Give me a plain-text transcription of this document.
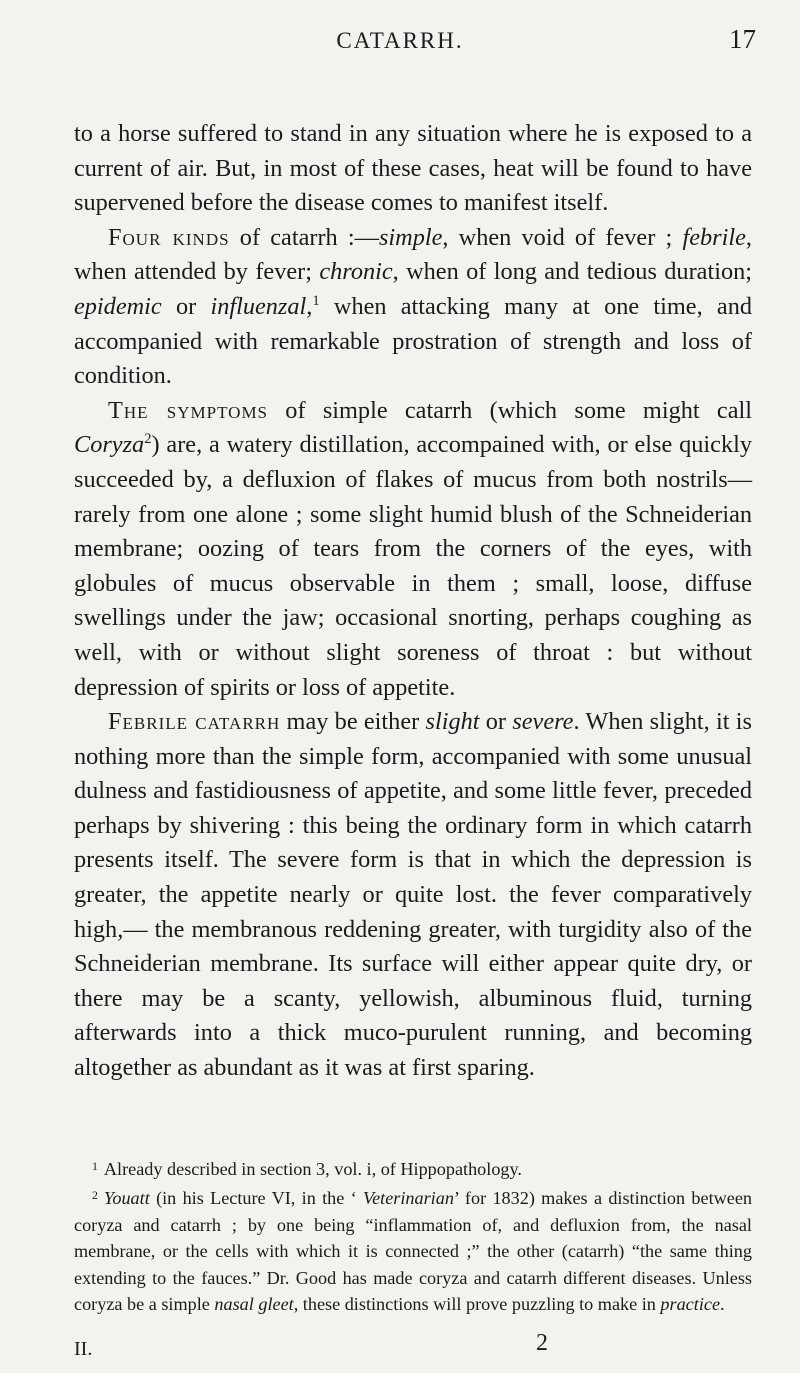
CATARRH.	17

to a horse suffered to stand in any situation where he is exposed to a current of air. But, in most of these cases, heat will be found to have supervened before the disease comes to manifest itself.

Four kinds of catarrh :—simple, when void of fever ; febrile, when attended by fever; chronic, when of long and tedious duration; epidemic or influenzal,$^1$ when attacking many at one time, and accompanied with remarkable prostration of strength and loss of condition.

The symptoms of simple catarrh (which some might call Coryza$^2$) are, a watery distillation, accompained with, or else quickly succeeded by, a defluxion of flakes of mucus from both nostrils—rarely from one alone ; some slight humid blush of the Schneiderian membrane; oozing of tears from the corners of the eyes, with globules of mucus observable in them ; small, loose, diffuse swellings under the jaw; occasional snorting, perhaps coughing as well, with or without slight soreness of throat : but without depression of spirits or loss of appetite.

Febrile catarrh may be either slight or severe. When slight, it is nothing more than the simple form, accompanied with some unusual dulness and fastidiousness of appetite, and some little fever, preceded perhaps by shivering : this being the ordinary form in which catarrh presents itself. The severe form is that in which the depression is greater, the appetite nearly or quite lost. the fever comparatively high,— the membranous reddening greater, with turgidity also of the Schneiderian membrane. Its surface will either appear quite dry, or there may be a scanty, yellowish, albuminous fluid, turning afterwards into a thick muco-purulent running, and becoming altogether as abundant as it was at first sparing.

$^1$ Already described in section 3, vol. i, of Hippopathology.

$^2$ Youatt (in his Lecture VI, in the ‘ Veterinarian’ for 1832) makes a distinction between coryza and catarrh ; by one being “inflammation of, and defluxion from, the nasal membrane, or the cells with which it is connected ;” the other (catarrh) “the same thing extending to the fauces.” Dr. Good has made coryza and catarrh different diseases. Unless coryza be a simple nasal gleet, these distinctions will prove puzzling to make in practice.

II.	2
